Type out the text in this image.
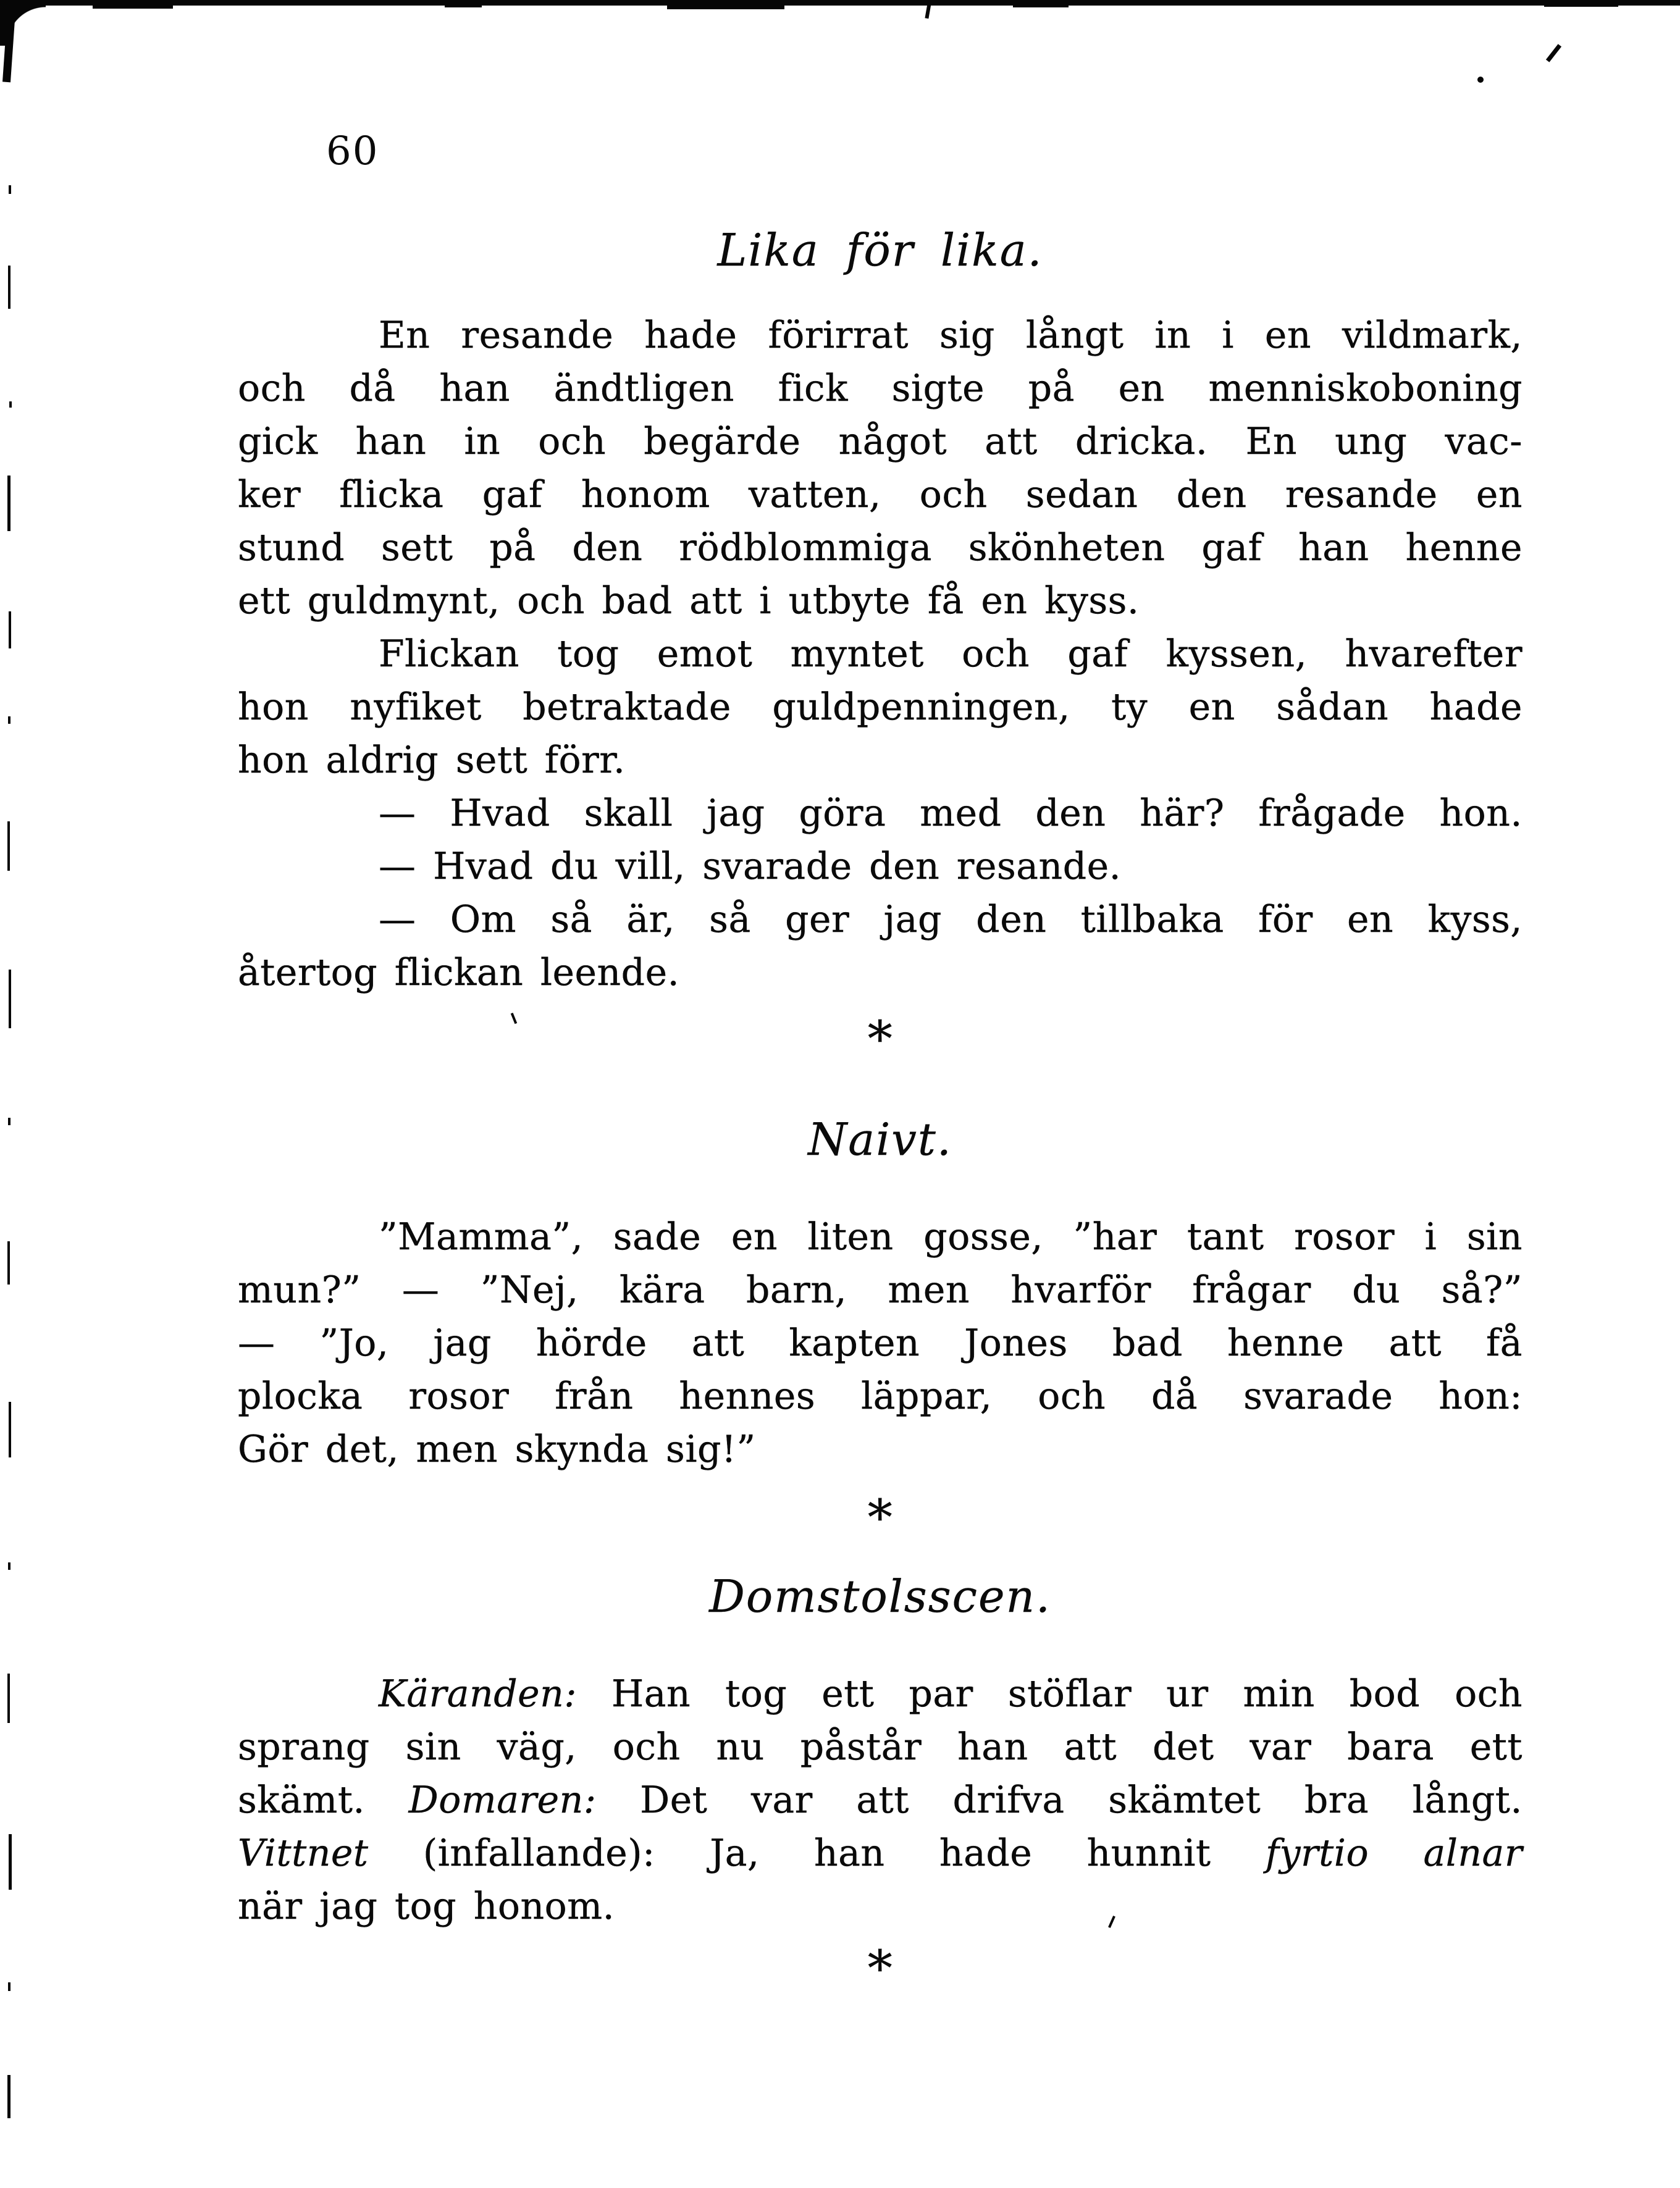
60
Lika för lika.
En resande hade förirrat sig långt in i en vildmark,
och då han ändtligen fick sigte på en menniskoboning
gick han in och begärde något att dricka. En ung vac-
ker flicka gaf honom vatten, och sedan den resande en
stund sett på den rödblommiga skönheten gaf han henne
ett guldmynt, och bad att i utbyte få en kyss.
Flickan tog emot myntet och gaf kyssen, hvarefter
hon nyfiket betraktade guldpenningen, ty en sådan hade
hon aldrig sett förr.
— Hvad skall jag göra med den här? frågade hon.
— Hvad du vill, svarade den resande.
— Om så är, så ger jag den tillbaka för en kyss,
återtog flickan leende.
*
Naivt.
”Mamma”, sade en liten gosse, ”har tant rosor i sin
mun?” — ”Nej, kära barn, men hvarför frågar du så?”
— ”Jo, jag hörde att kapten Jones bad henne att få
plocka rosor från hennes läppar, och då svarade hon:
Gör det, men skynda sig!”
*
Domstolsscen.
Käranden: Han tog ett par stöflar ur min bod och
sprang sin väg, och nu påstår han att det var bara ett
skämt. Domaren: Det var att drifva skämtet bra långt.
Vittnet (infallande): Ja, han hade hunnit fyrtio alnar
när jag tog honom.
*
